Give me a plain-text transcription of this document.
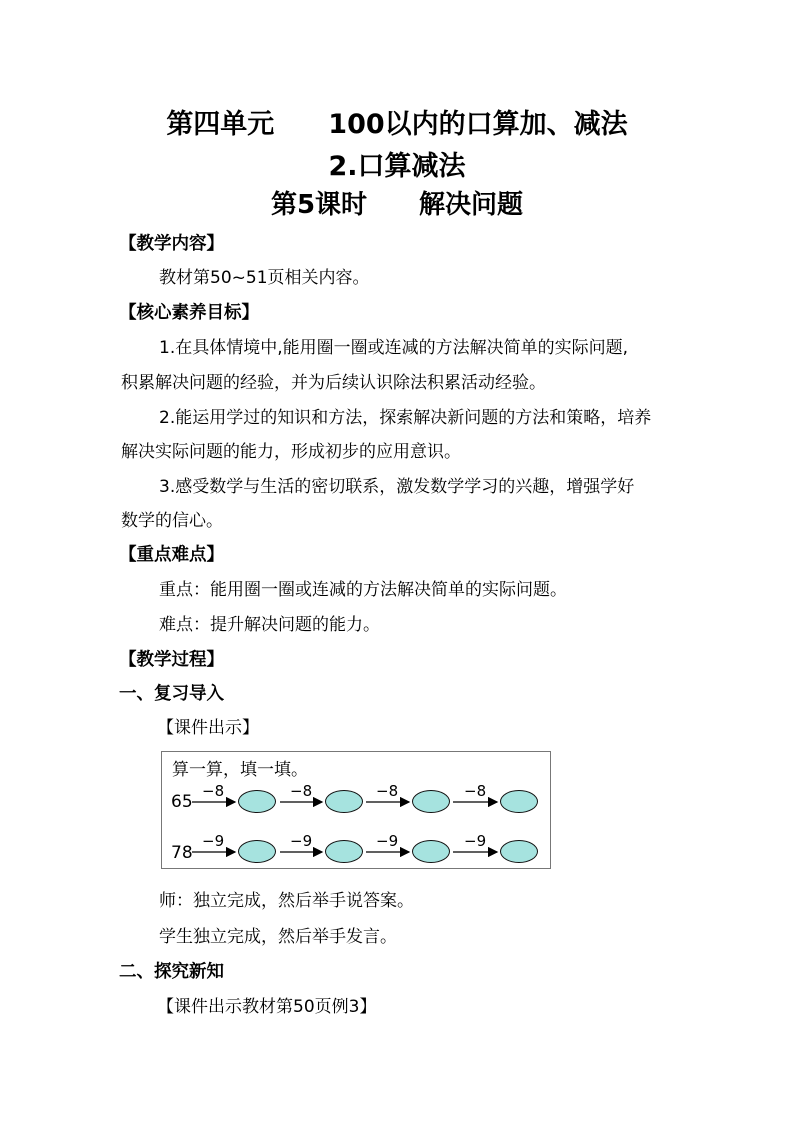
第四单元　　100以内的口算加、减法
2.口算减法
第5课时　　解决问题
【教学内容】
教材第50~51页相关内容。
【核心素养目标】
1.在具体情境中,能用圈一圈或连减的方法解决简单的实际问题,
积累解决问题的经验，并为后续认识除法积累活动经验。
2.能运用学过的知识和方法，探索解决新问题的方法和策略，培养
解决实际问题的能力，形成初步的应用意识。
3.感受数学与生活的密切联系，激发数学学习的兴趣，增强学好
数学的信心。
【重点难点】
重点：能用圈一圈或连减的方法解决简单的实际问题。
难点：提升解决问题的能力。
【教学过程】
一、复习导入
【课件出示】
算一算，填一填。
65
−8	−8	−8	−8
78
−9	−9	−9	−9
师：独立完成，然后举手说答案。
学生独立完成，然后举手发言。
二、探究新知
【课件出示教材第50页例3】
